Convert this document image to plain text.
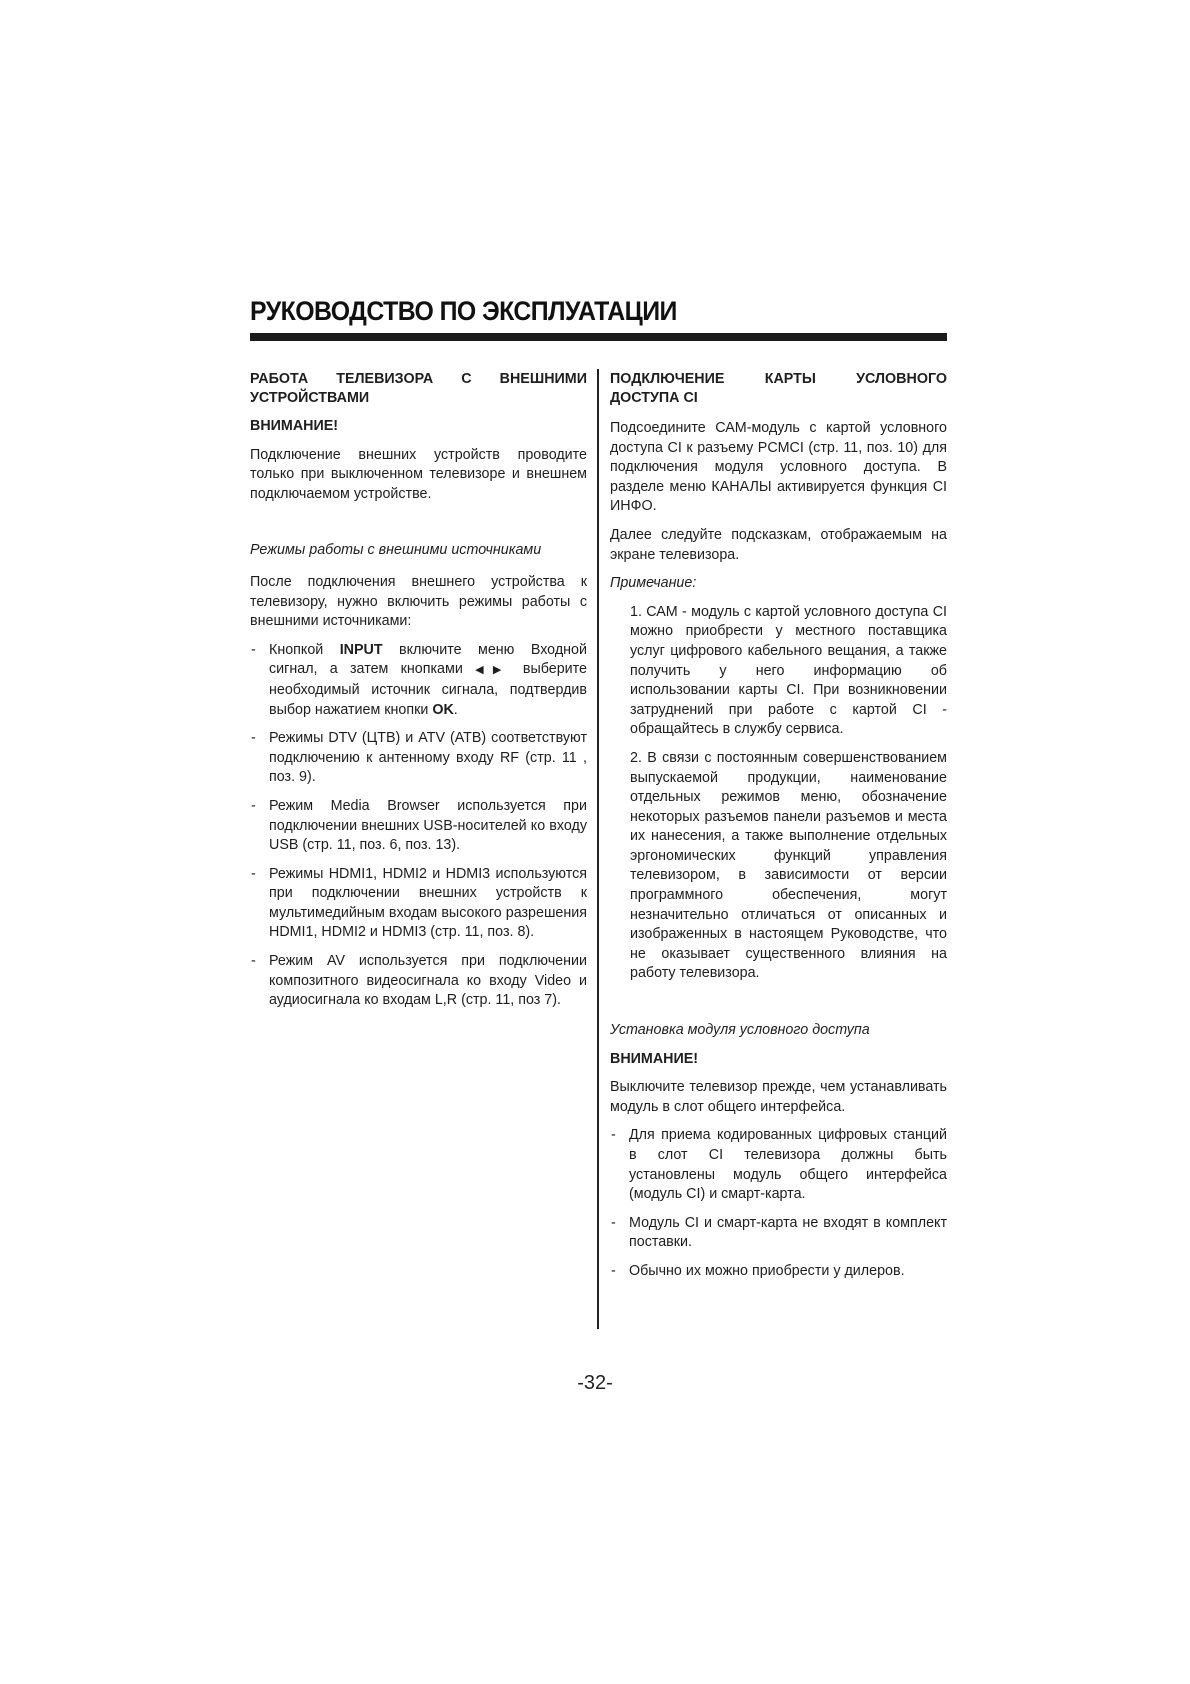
РУКОВОДСТВО ПО ЭКСПЛУАТАЦИИ

РАБОТА ТЕЛЕВИЗОРА С ВНЕШНИМИ УСТРОЙСТВАМИ

ВНИМАНИЕ!

Подключение внешних устройств проводите только при выключенном телевизоре и внешнем подключаемом устройстве.

Режимы работы с внешними источниками

После подключения внешнего устройства к телевизору, нужно включить режимы работы с внешними источниками:

- Кнопкой INPUT включите меню Входной сигнал, а затем кнопками ◀▶ выберите необходимый источник сигнала, подтвердив выбор нажатием кнопки OK.
- Режимы DTV (ЦТВ) и ATV (АТВ) соответствуют подключению к антенному входу RF (стр. 11 , поз. 9).
- Режим Media Browser используется при подключении внешних USB-носителей ко входу USB (стр. 11, поз. 6, поз. 13).
- Режимы HDMI1, HDMI2 и HDMI3 используются при подключении внешних устройств к мультимедийным входам высокого разрешения HDMI1, HDMI2 и HDMI3 (стр. 11, поз. 8).
- Режим AV используется при подключении композитного видеосигнала ко входу Video и аудиосигнала ко входам L,R (стр. 11, поз 7).

ПОДКЛЮЧЕНИЕ КАРТЫ УСЛОВНОГО ДОСТУПА CI

Подсоедините САМ-модуль с картой условного доступа CI к разъему PCMCI (стр. 11, поз. 10) для подключения модуля условного доступа. В разделе меню КАНАЛЫ активируется функция CI ИНФО.

Далее следуйте подсказкам, отображаемым на экране телевизора.

Примечание:

1. САМ - модуль с картой условного доступа CI можно приобрести у местного поставщика услуг цифрового кабельного вещания, а также получить у него информацию об использовании карты CI. При возникновении затруднений при работе с картой CI - обращайтесь в службу сервиса.
2. В связи с постоянным совершенствованием выпускаемой продукции, наименование отдельных режимов меню, обозначение некоторых разъемов панели разъемов и места их нанесения, а также выполнение отдельных эргономических функций управления телевизором, в зависимости от версии программного обеспечения, могут незначительно отличаться от описанных и изображенных в настоящем Руководстве, что не оказывает существенного влияния на работу телевизора.

Установка модуля условного доступа

ВНИМАНИЕ!

Выключите телевизор прежде, чем устанавливать модуль в слот общего интерфейса.

- Для приема кодированных цифровых станций в слот CI телевизора должны быть установлены модуль общего интерфейса (модуль CI) и смарт-карта.
- Модуль CI и смарт-карта не входят в комплект поставки.
- Обычно их можно приобрести у дилеров.
-32-
